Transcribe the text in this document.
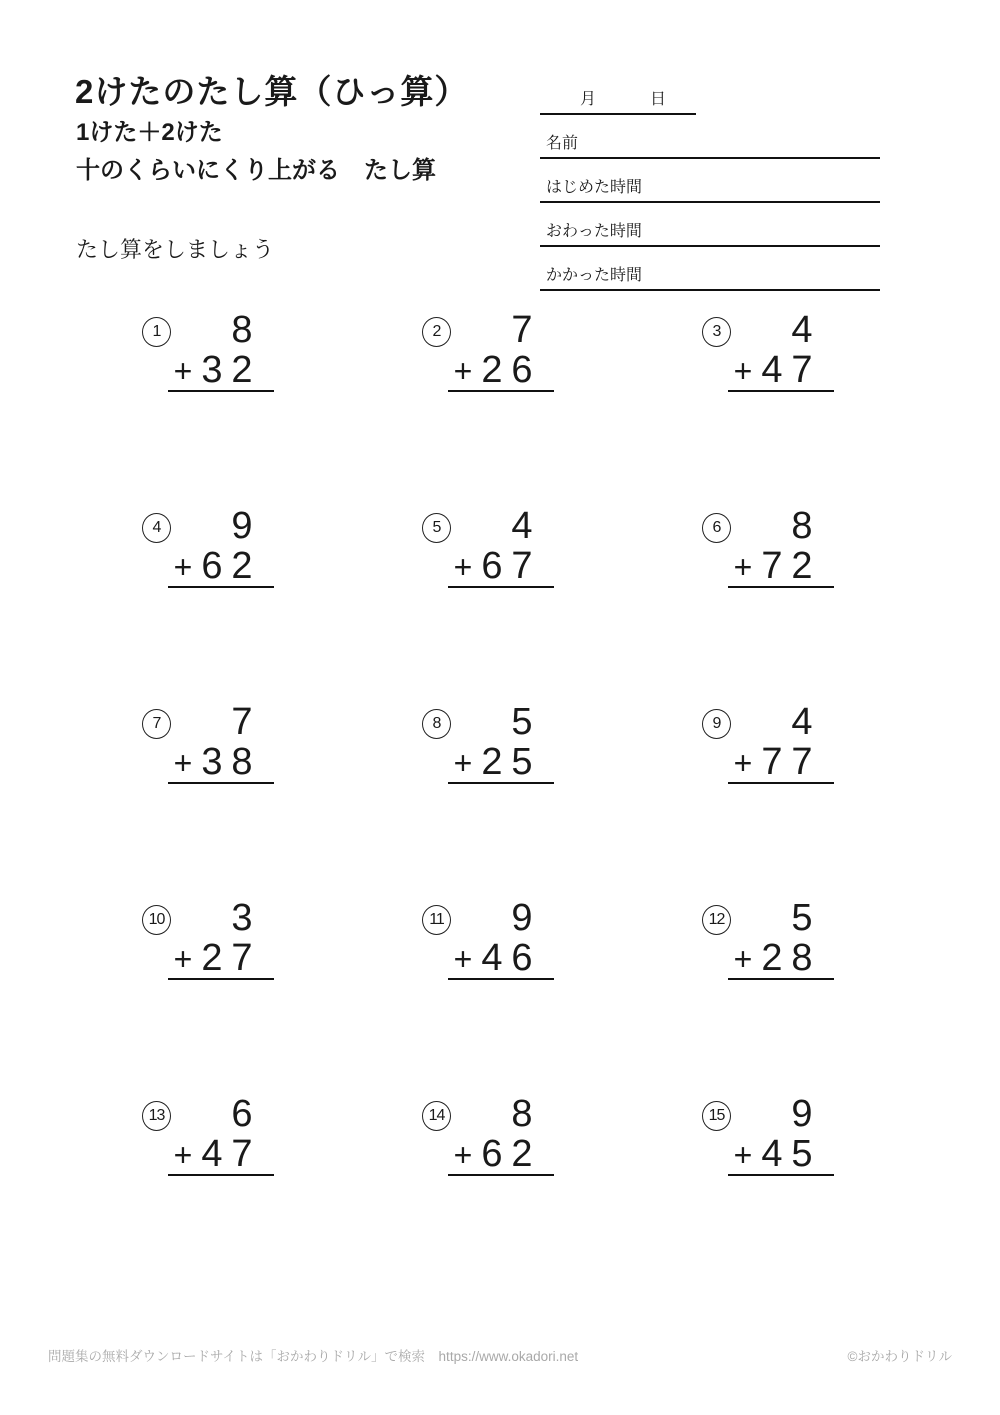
2けたのたし算（ひっ算）
1けた＋2けた
十のくらいにくり上がる　たし算
たし算をしましょう
月	日
名前
はじめた時間
おわった時間
かかった時間
1 8
+ 3 2
2 7
+ 2 6
3 4
+ 4 7
4 9
+ 6 2
5 4
+ 6 7
6 8
+ 7 2
7 7
+ 3 8
8 5
+ 2 5
9 4
+ 7 7
10 3
+ 2 7
11 9
+ 4 6
12 5
+ 2 8
13 6
+ 4 7
14 8
+ 6 2
15 9
+ 4 5
問題集の無料ダウンロードサイトは「おかわりドリル」で検索　https://www.okadori.net	©おかわりドリル
